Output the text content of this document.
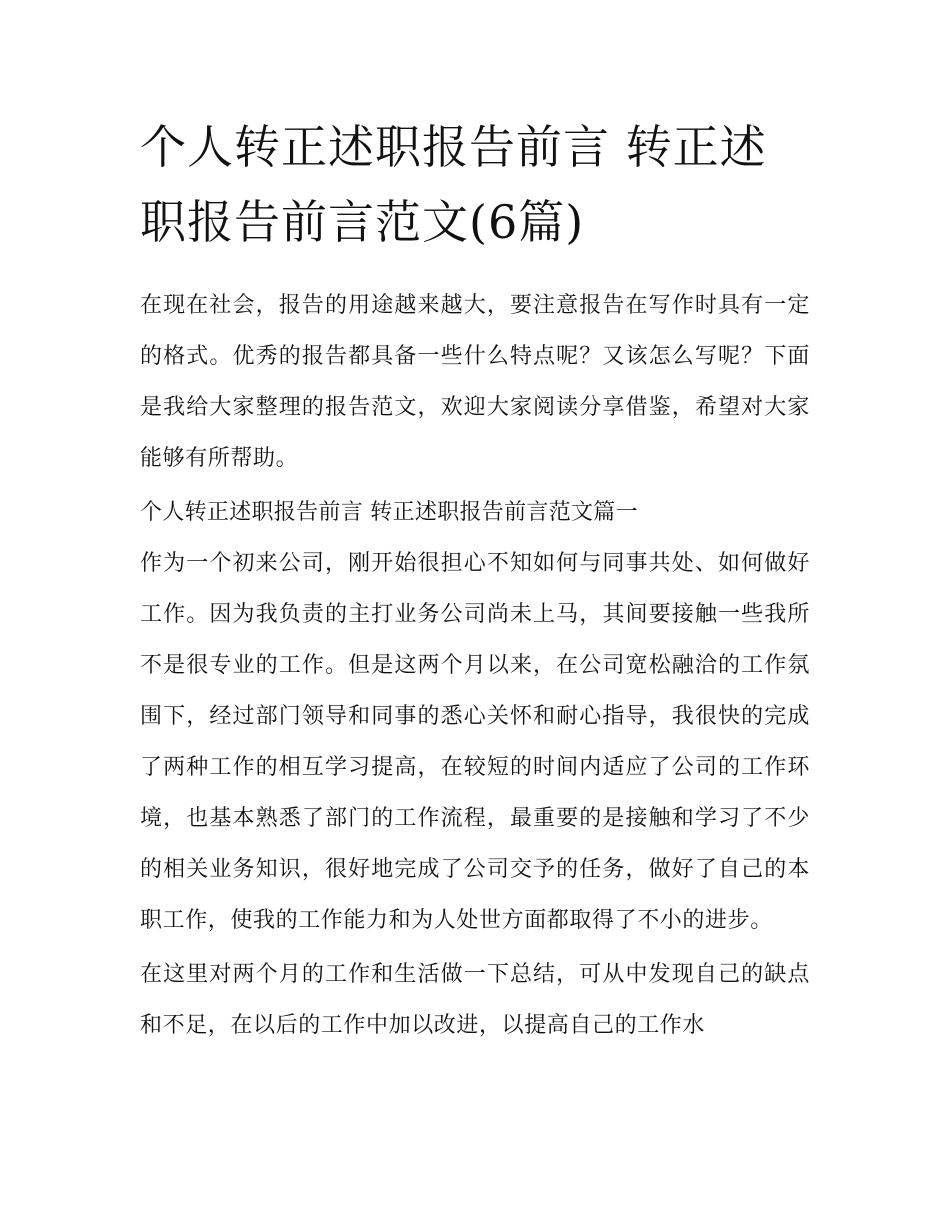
个人转正述职报告前言 转正述职报告前言范文(6篇)

在现在社会，报告的用途越来越大，要注意报告在写作时具有一定的格式。优秀的报告都具备一些什么特点呢？又该怎么写呢？下面是我给大家整理的报告范文，欢迎大家阅读分享借鉴，希望对大家能够有所帮助。

个人转正述职报告前言 转正述职报告前言范文篇一

作为一个初来公司，刚开始很担心不知如何与同事共处、如何做好工作。因为我负责的主打业务公司尚未上马，其间要接触一些我所不是很专业的工作。但是这两个月以来，在公司宽松融洽的工作氛围下，经过部门领导和同事的悉心关怀和耐心指导，我很快的完成了两种工作的相互学习提高，在较短的时间内适应了公司的工作环境，也基本熟悉了部门的工作流程，最重要的是接触和学习了不少的相关业务知识，很好地完成了公司交予的任务，做好了自己的本职工作，使我的工作能力和为人处世方面都取得了不小的进步。

在这里对两个月的工作和生活做一下总结，可从中发现自己的缺点和不足，在以后的工作中加以改进，以提高自己的工作水
